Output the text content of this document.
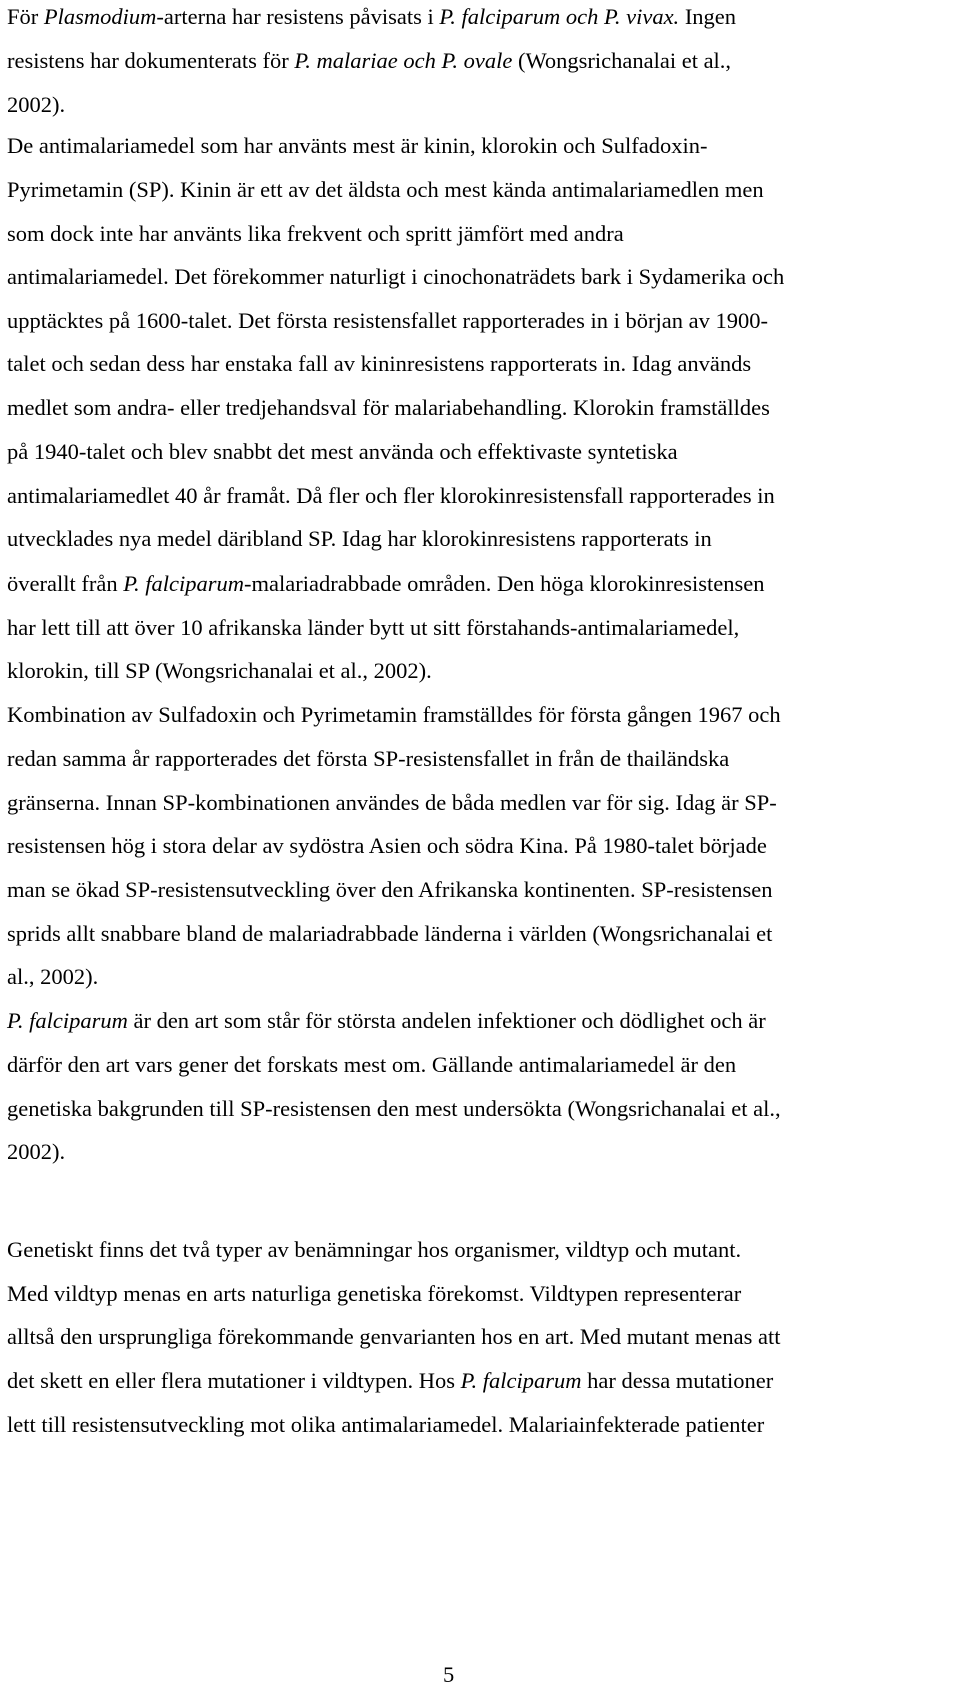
För Plasmodium-arterna har resistens påvisats i P. falciparum och P. vivax. Ingen

resistens har dokumenterats för P. malariae och P. ovale (Wongsrichanalai et al.,

2002).

De antimalariamedel som har använts mest är kinin, klorokin och Sulfadoxin-

Pyrimetamin (SP). Kinin är ett av det äldsta och mest kända antimalariamedlen men

som dock inte har använts lika frekvent och spritt jämfört med andra

antimalariamedel. Det förekommer naturligt i cinochonaträdets bark i Sydamerika och

upptäcktes på 1600-talet. Det första resistensfallet rapporterades in i början av 1900-

talet och sedan dess har enstaka fall av kininresistens rapporterats in. Idag används

medlet som andra- eller tredjehandsval för malariabehandling. Klorokin framställdes

på 1940-talet och blev snabbt det mest använda och effektivaste syntetiska

antimalariamedlet 40 år framåt. Då fler och fler klorokinresistensfall rapporterades in

utvecklades nya medel däribland SP. Idag har klorokinresistens rapporterats in

överallt från P. falciparum-malariadrabbade områden. Den höga klorokinresistensen

har lett till att över 10 afrikanska länder bytt ut sitt förstahands-antimalariamedel,

klorokin, till SP (Wongsrichanalai et al., 2002).

Kombination av Sulfadoxin och Pyrimetamin framställdes för första gången 1967 och

redan samma år rapporterades det första SP-resistensfallet in från de thailändska

gränserna. Innan SP-kombinationen användes de båda medlen var för sig. Idag är SP-

resistensen hög i stora delar av sydöstra Asien och södra Kina. På 1980-talet började

man se ökad SP-resistensutveckling över den Afrikanska kontinenten. SP-resistensen

sprids allt snabbare bland de malariadrabbade länderna i världen (Wongsrichanalai et

al., 2002).

P. falciparum är den art som står för största andelen infektioner och dödlighet och är

därför den art vars gener det forskats mest om. Gällande antimalariamedel är den

genetiska bakgrunden till SP-resistensen den mest undersökta (Wongsrichanalai et al.,

2002).

Genetiskt finns det två typer av benämningar hos organismer, vildtyp och mutant.

Med vildtyp menas en arts naturliga genetiska förekomst. Vildtypen representerar

alltså den ursprungliga förekommande genvarianten hos en art. Med mutant menas att

det skett en eller flera mutationer i vildtypen. Hos P. falciparum har dessa mutationer

lett till resistensutveckling mot olika antimalariamedel. Malariainfekterade patienter

5
